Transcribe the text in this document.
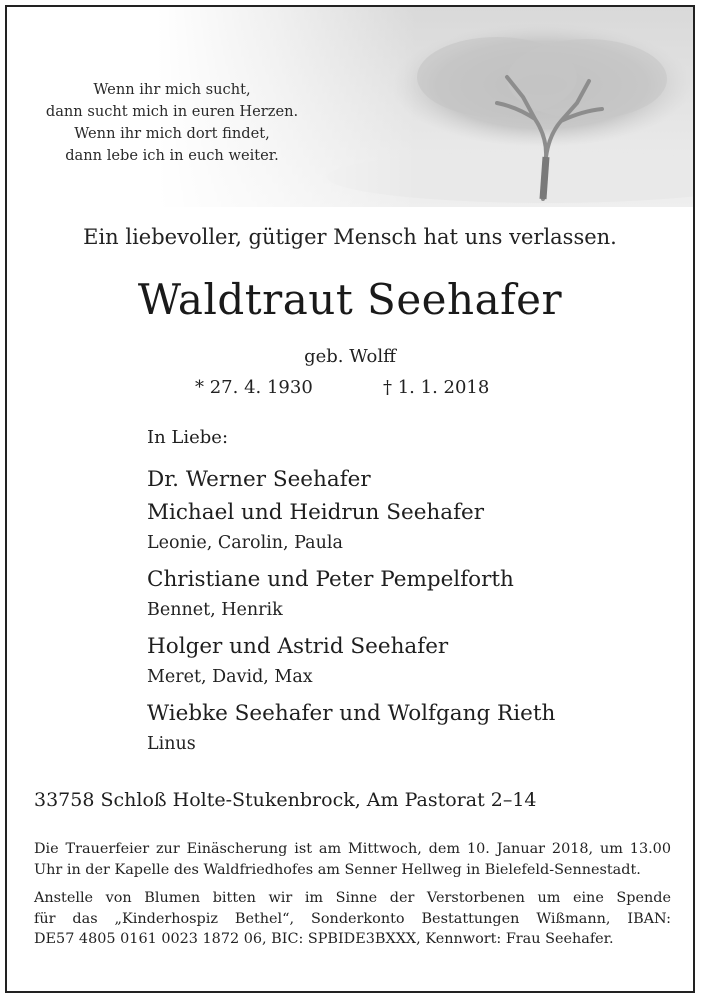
Wenn ihr mich sucht,
dann sucht mich in euren Herzen.
Wenn ihr mich dort findet,
dann lebe ich in euch weiter.
Ein liebevoller, gütiger Mensch hat uns verlassen.
Waldtraut Seehafer
geb. Wolff
* 27. 4. 1930	† 1. 1. 2018
In Liebe:
Dr. Werner Seehafer
Michael und Heidrun Seehafer
Leonie, Carolin, Paula
Christiane und Peter Pempelforth
Bennet, Henrik
Holger und Astrid Seehafer
Meret, David, Max
Wiebke Seehafer und Wolfgang Rieth
Linus
33758 Schloß Holte-Stukenbrock, Am Pastorat 2–14

Die Trauerfeier zur Einäscherung ist am Mittwoch, dem 10. Januar 2018, um 13.00
Uhr in der Kapelle des Waldfriedhofes am Senner Hellweg in Bielefeld-Sennestadt.

Anstelle von Blumen bitten wir im Sinne der Verstorbenen um eine Spende
für das „Kinderhospiz Bethel“, Sonderkonto Bestattungen Wißmann, IBAN:
DE57 4805 0161 0023 1872 06, BIC: SPBIDE3BXXX, Kennwort: Frau Seehafer.
